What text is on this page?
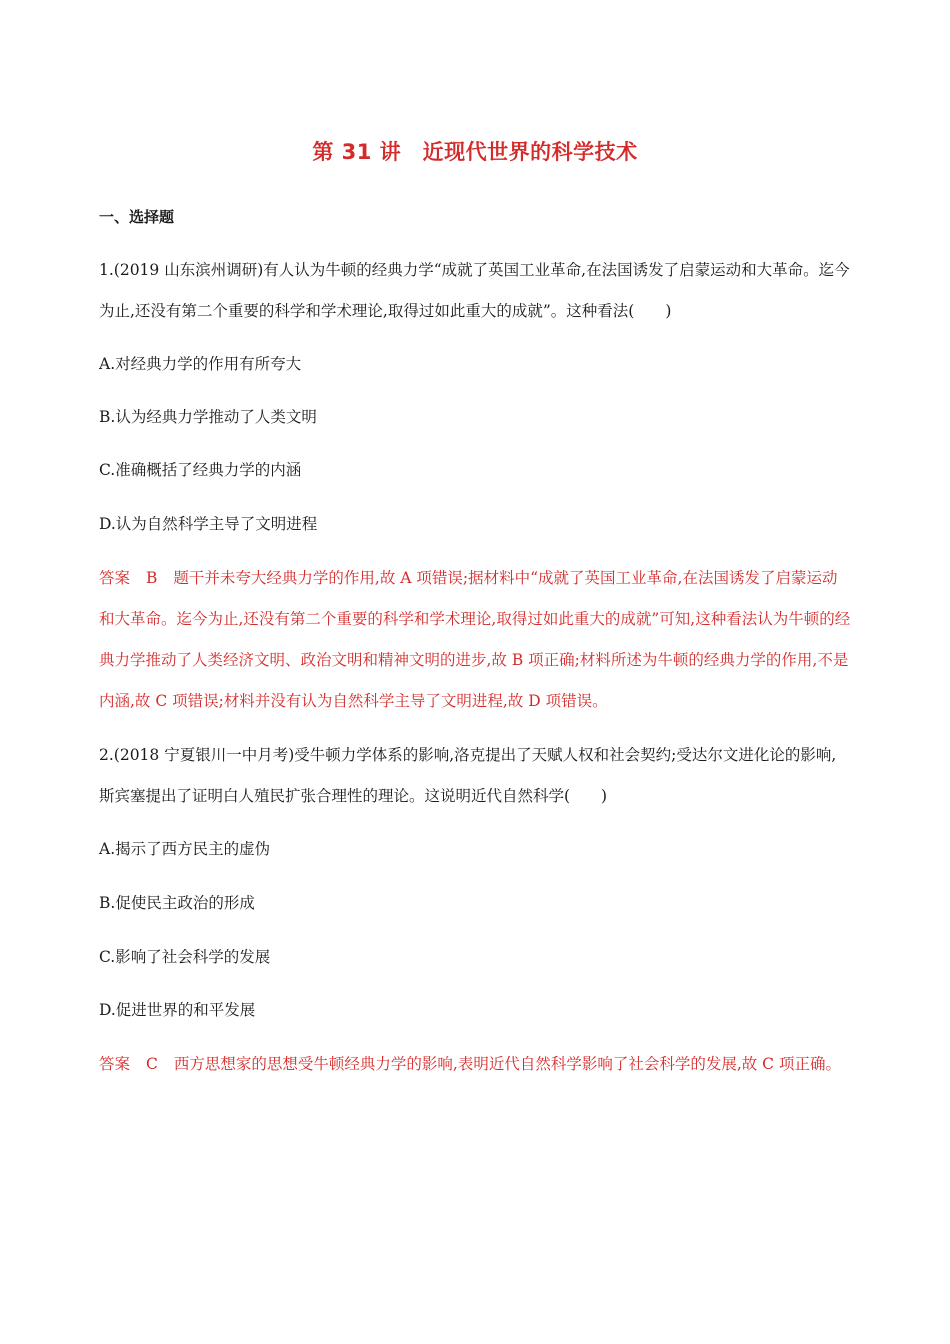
第 31 讲　近现代世界的科学技术
一、选择题

1.(2019 山东滨州调研)有人认为牛顿的经典力学“成就了英国工业革命,在法国诱发了启蒙运动和大革命。迄今为止,还没有第二个重要的科学和学术理论,取得过如此重大的成就”。这种看法(　　)

A.对经典力学的作用有所夸大

B.认为经典力学推动了人类文明

C.准确概括了经典力学的内涵

D.认为自然科学主导了文明进程

答案 B 题干并未夸大经典力学的作用,故 A 项错误;据材料中“成就了英国工业革命,在法国诱发了启蒙运动和大革命。迄今为止,还没有第二个重要的科学和学术理论,取得过如此重大的成就”可知,这种看法认为牛顿的经典力学推动了人类经济文明、政治文明和精神文明的进步,故 B 项正确;材料所述为牛顿的经典力学的作用,不是内涵,故 C 项错误;材料并没有认为自然科学主导了文明进程,故 D 项错误。

2.(2018 宁夏银川一中月考)受牛顿力学体系的影响,洛克提出了天赋人权和社会契约;受达尔文进化论的影响,斯宾塞提出了证明白人殖民扩张合理性的理论。这说明近代自然科学(　　)

A.揭示了西方民主的虚伪

B.促使民主政治的形成

C.影响了社会科学的发展

D.促进世界的和平发展

答案 C 西方思想家的思想受牛顿经典力学的影响,表明近代自然科学影响了社会科学的发展,故 C 项正确。
